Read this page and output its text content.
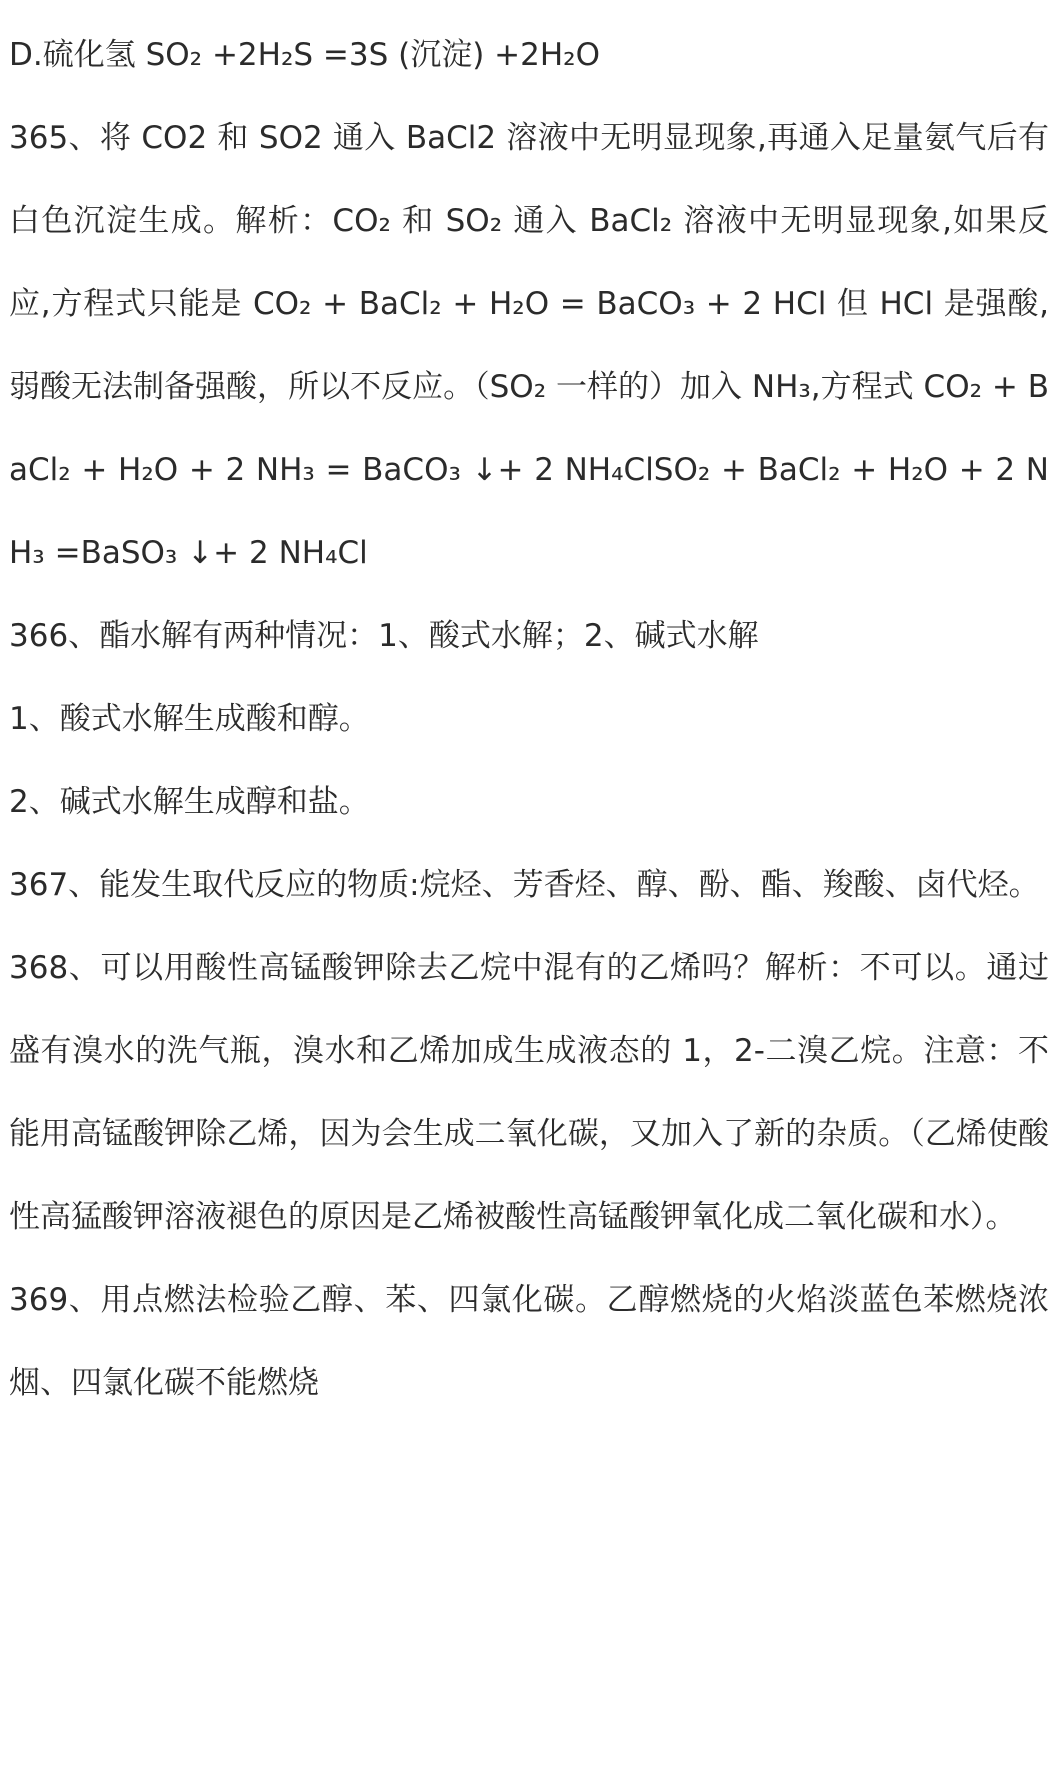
D.硫化氢 SO₂ +2H₂S =3S (沉淀) +2H₂O

365、将 CO2 和 SO2 通入 BaCl2 溶液中无明显现象,再通入足量氨气后有白色沉淀生成。解析：CO₂ 和 SO₂ 通入 BaCl₂ 溶液中无明显现象,如果反应,方程式只能是 CO₂ + BaCl₂ + H₂O = BaCO₃ + 2 HCl 但 HCl 是强酸,弱酸无法制备强酸，所以不反应。（SO₂ 一样的）加入 NH₃,方程式 CO₂ + BaCl₂ + H₂O + 2 NH₃ = BaCO₃ ↓+ 2 NH₄ClSO₂ + BaCl₂ + H₂O + 2 NH₃ =BaSO₃ ↓+ 2 NH₄Cl

366、酯水解有两种情况：1、酸式水解；2、碱式水解

1、酸式水解生成酸和醇。

2、碱式水解生成醇和盐。

367、能发生取代反应的物质:烷烃、芳香烃、醇、酚、酯、羧酸、卤代烃。

368、可以用酸性高锰酸钾除去乙烷中混有的乙烯吗？解析：不可以。通过盛有溴水的洗气瓶，溴水和乙烯加成生成液态的 1，2-二溴乙烷。注意：不能用高锰酸钾除乙烯，因为会生成二氧化碳，又加入了新的杂质。（乙烯使酸性高猛酸钾溶液褪色的原因是乙烯被酸性高锰酸钾氧化成二氧化碳和水）。

369、用点燃法检验乙醇、苯、四氯化碳。乙醇燃烧的火焰淡蓝色苯燃烧浓烟、四氯化碳不能燃烧
